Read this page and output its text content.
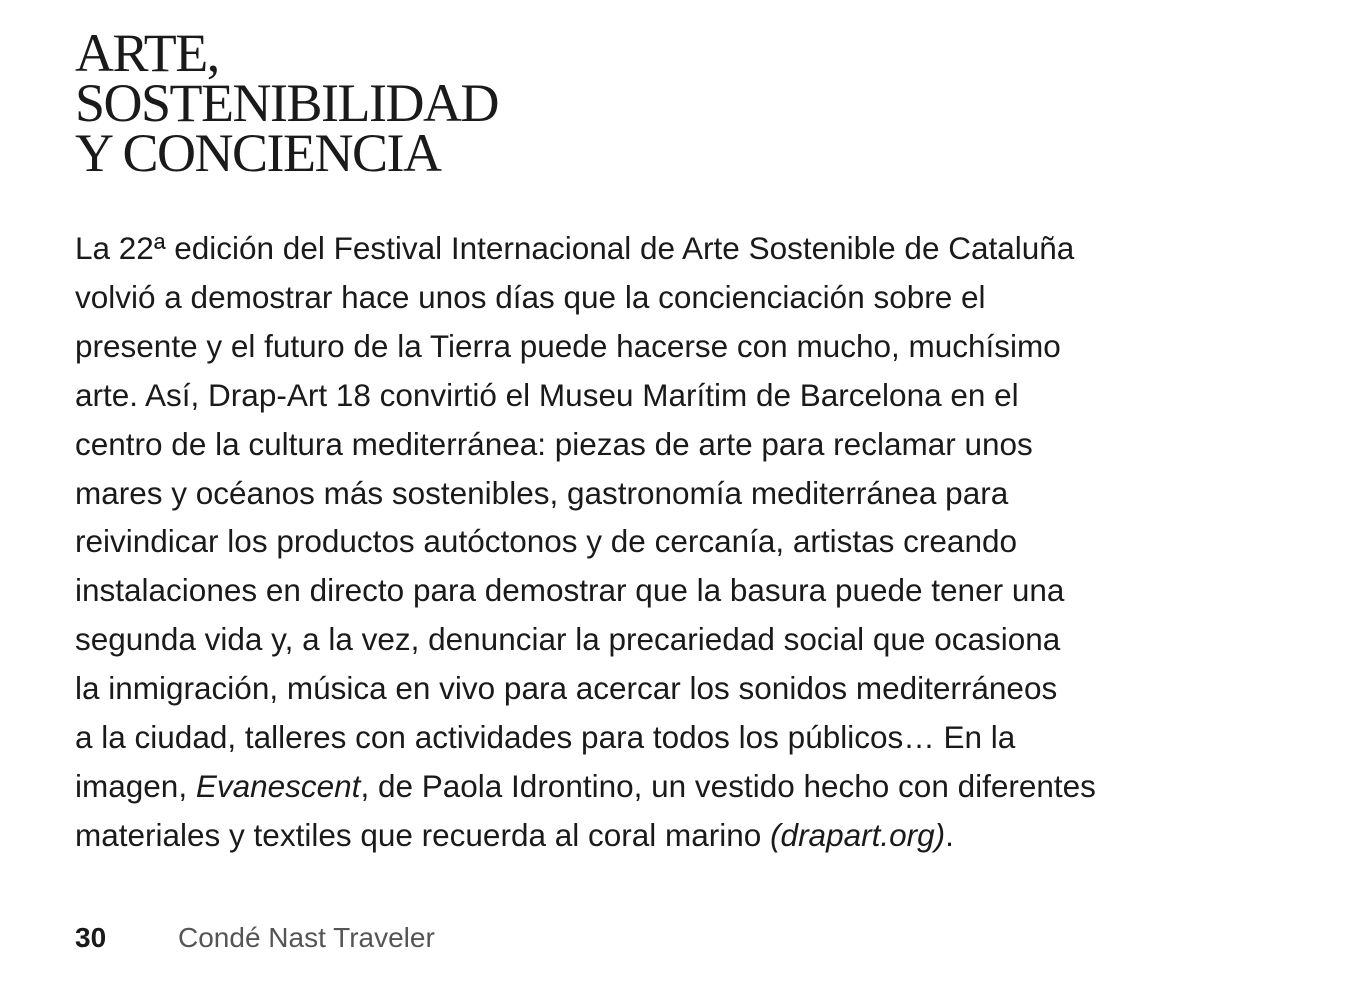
ARTE,
SOSTENIBILIDAD
Y CONCIENCIA

La 22ª edición del Festival Internacional de Arte Sostenible de Cataluña
volvió a demostrar hace unos días que la concienciación sobre el
presente y el futuro de la Tierra puede hacerse con mucho, muchísimo
arte. Así, Drap-Art 18 convirtió el Museu Marítim de Barcelona en el
centro de la cultura mediterránea: piezas de arte para reclamar unos
mares y océanos más sostenibles, gastronomía mediterránea para
reivindicar los productos autóctonos y de cercanía, artistas creando
instalaciones en directo para demostrar que la basura puede tener una
segunda vida y, a la vez, denunciar la precariedad social que ocasiona
la inmigración, música en vivo para acercar los sonidos mediterráneos
a la ciudad, talleres con actividades para todos los públicos… En la
imagen, Evanescent, de Paola Idrontino, un vestido hecho con diferentes
materiales y textiles que recuerda al coral marino (drapart.org).

30	Condé Nast Traveler
